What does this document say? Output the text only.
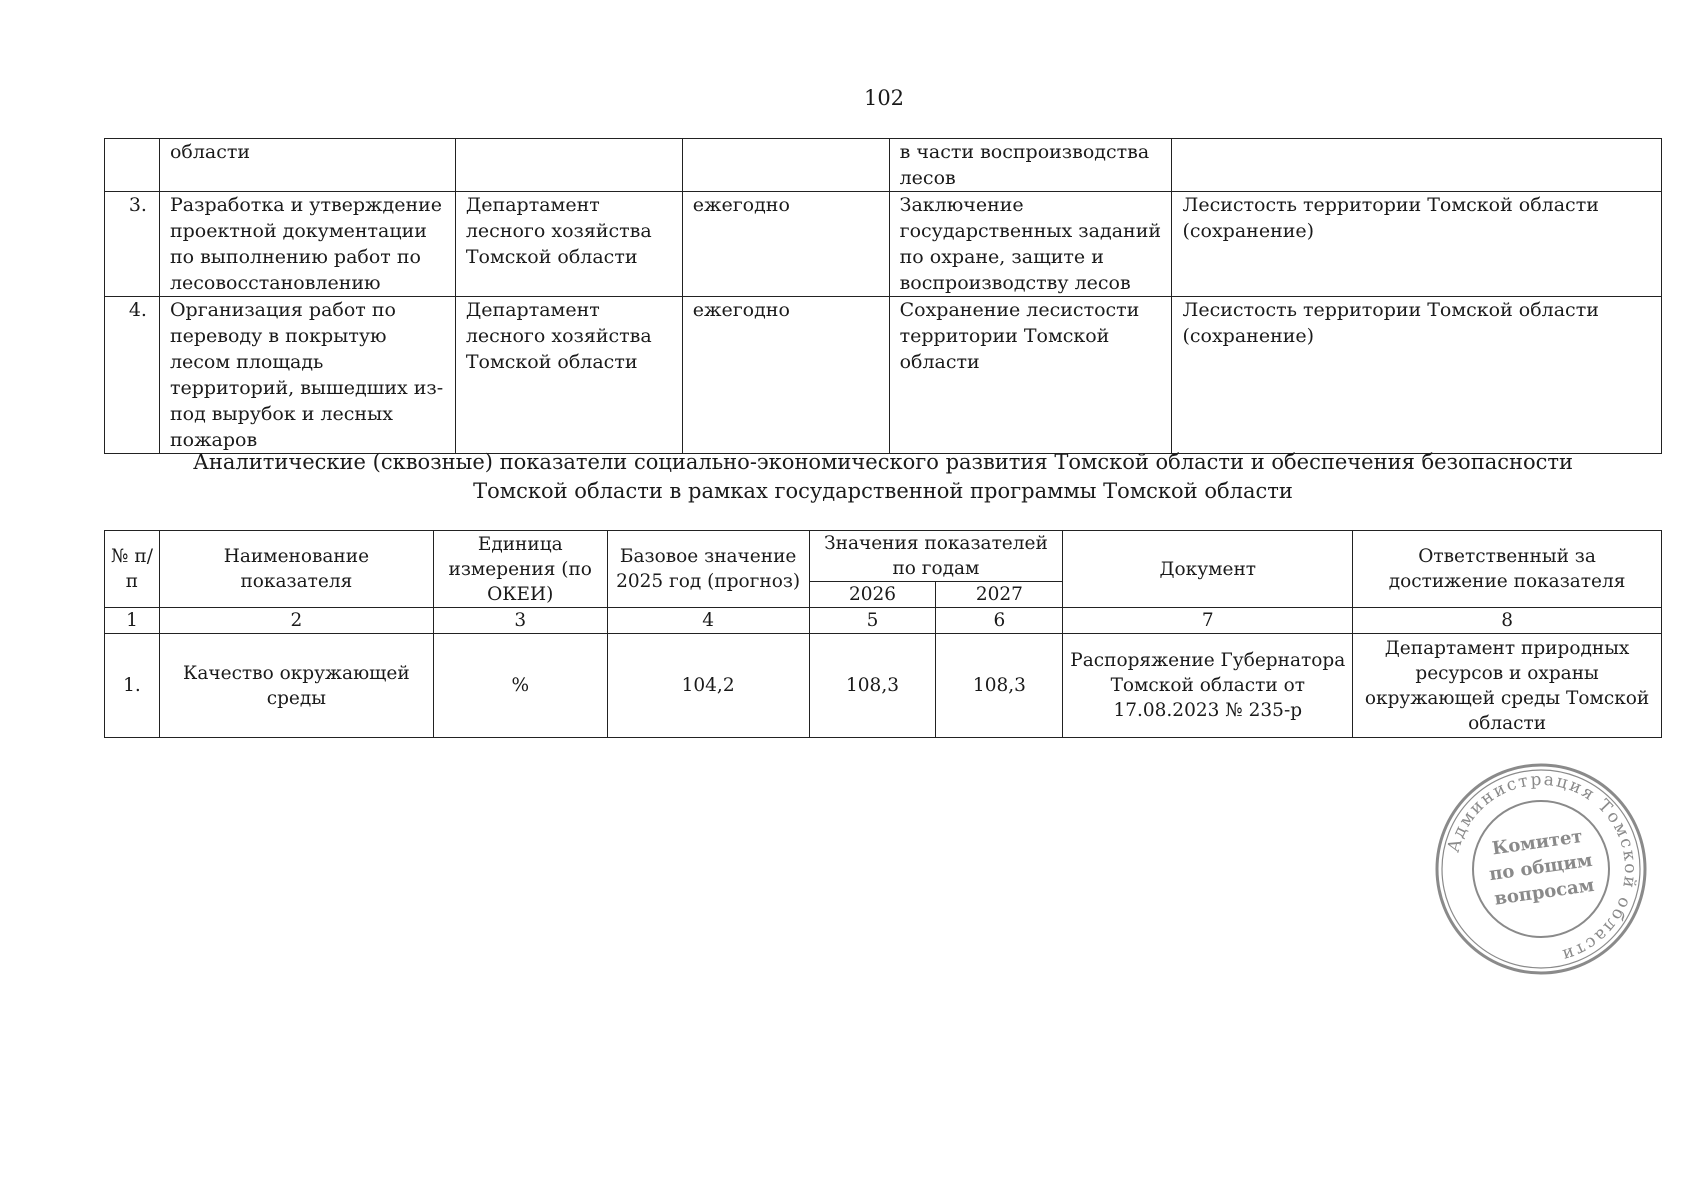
102
	области			в части воспроизводства лесов	
3.	Разработка и утверждение проектной документации по выполнению работ по лесовосстановлению	Департамент лесного хозяйства Томской области	ежегодно	Заключение государственных заданий по охране, защите и воспроизводству лесов	Лесистость территории Томской области (сохранение)
4.	Организация работ по переводу в покрытую лесом площадь территорий, вышедших из-под вырубок и лесных пожаров	Департамент лесного хозяйства Томской области	ежегодно	Сохранение лесистости территории Томской области	Лесистость территории Томской области (сохранение)
Аналитические (сквозные) показатели социально-экономического развития Томской области и обеспечения безопасности
Томской области в рамках государственной программы Томской области
№ п/п	Наименование показателя	Единица измерения (по ОКЕИ)	Базовое значение 2025 год (прогноз)	Значения показателей по годам		Документ	Ответственный за достижение показателя
				2026	2027		
1	2	3	4	5	6	7	8
1.	Качество окружающей среды	%	104,2	108,3	108,3	Распоряжение Губернатора Томской области от 17.08.2023 № 235-р	Департамент природных ресурсов и охраны окружающей среды Томской области
Администрация Томской области
Комитет
по общим
вопросам
